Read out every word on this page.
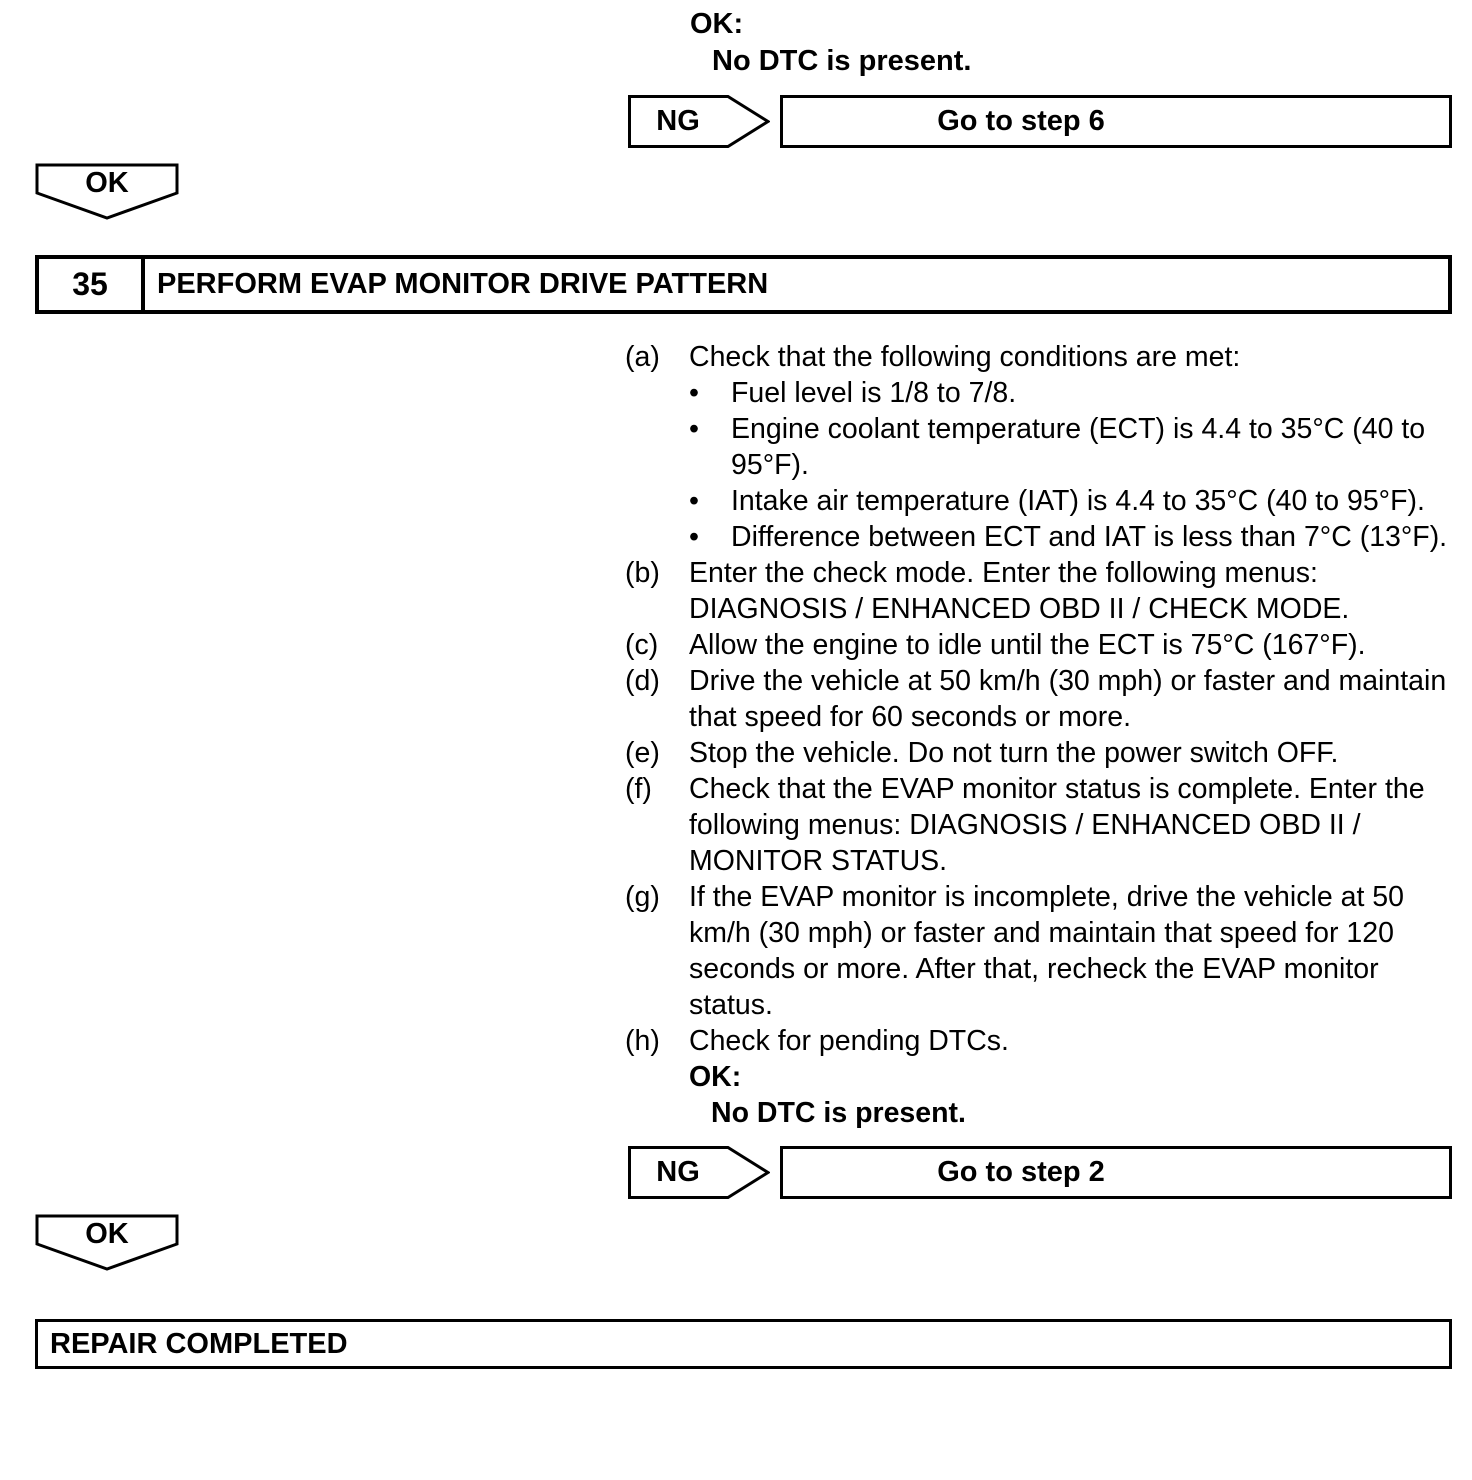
OK:
No DTC is present.
NG	Go to step 6
OK
35	PERFORM EVAP MONITOR DRIVE PATTERN
(a)	Check that the following conditions are met:
•	Fuel level is 1/8 to 7/8.
•	Engine coolant temperature (ECT) is 4.4 to 35°C (40 to 95°F).
•	Intake air temperature (IAT) is 4.4 to 35°C (40 to 95°F).
•	Difference between ECT and IAT is less than 7°C (13°F).
(b)	Enter the check mode. Enter the following menus: DIAGNOSIS / ENHANCED OBD II / CHECK MODE.
(c)	Allow the engine to idle until the ECT is 75°C (167°F).
(d)	Drive the vehicle at 50 km/h (30 mph) or faster and maintain that speed for 60 seconds or more.
(e)	Stop the vehicle. Do not turn the power switch OFF.
(f)	Check that the EVAP monitor status is complete. Enter the following menus: DIAGNOSIS / ENHANCED OBD II / MONITOR STATUS.
(g)	If the EVAP monitor is incomplete, drive the vehicle at 50 km/h (30 mph) or faster and maintain that speed for 120 seconds or more. After that, recheck the EVAP monitor status.
(h)	Check for pending DTCs.
OK:
No DTC is present.
NG	Go to step 2
OK
REPAIR COMPLETED
